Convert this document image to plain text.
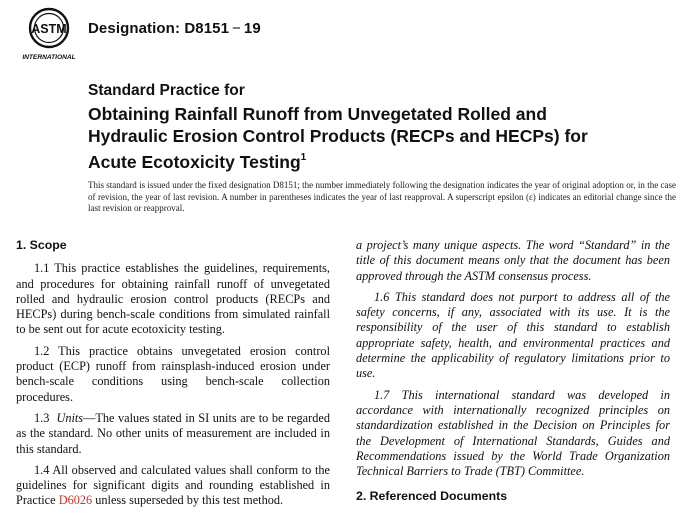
ASTM
INTERNATIONAL
Designation: D8151 − 19
Standard Practice for
Obtaining Rainfall Runoff from Unvegetated Rolled and
Hydraulic Erosion Control Products (RECPs and HECPs) for
Acute Ecotoxicity Testing$^1$
This standard is issued under the fixed designation D8151; the number immediately following the designation indicates the year of original adoption or, in the case of revision, the year of last revision. A number in parentheses indicates the year of last reapproval. A superscript epsilon (ε) indicates an editorial change since the last revision or reapproval.
1. Scope

1.1 This practice establishes the guidelines, requirements, and procedures for obtaining rainfall runoff of unvegetated rolled and hydraulic erosion control products (RECPs and HECPs) during bench-scale conditions from simulated rainfall to be sent out for acute ecotoxicity testing.

1.2 This practice obtains unvegetated erosion control product (ECP) runoff from rainsplash-induced erosion under bench-scale conditions using bench-scale collection procedures.

1.3 Units—The values stated in SI units are to be regarded as the standard. No other units of measurement are included in this standard.

1.4 All observed and calculated values shall conform to the guidelines for significant digits and rounding established in Practice D6026 unless superseded by this test method.

a project’s many unique aspects. The word “Standard” in the title of this document means only that the document has been approved through the ASTM consensus process.

1.6 This standard does not purport to address all of the safety concerns, if any, associated with its use. It is the responsibility of the user of this standard to establish appropriate safety, health, and environmental practices and determine the applicability of regulatory limitations prior to use.

1.7 This international standard was developed in accordance with internationally recognized principles on standardization established in the Decision on Principles for the Development of International Standards, Guides and Recommendations issued by the World Trade Organization Technical Barriers to Trade (TBT) Committee.

2. Referenced Documents
